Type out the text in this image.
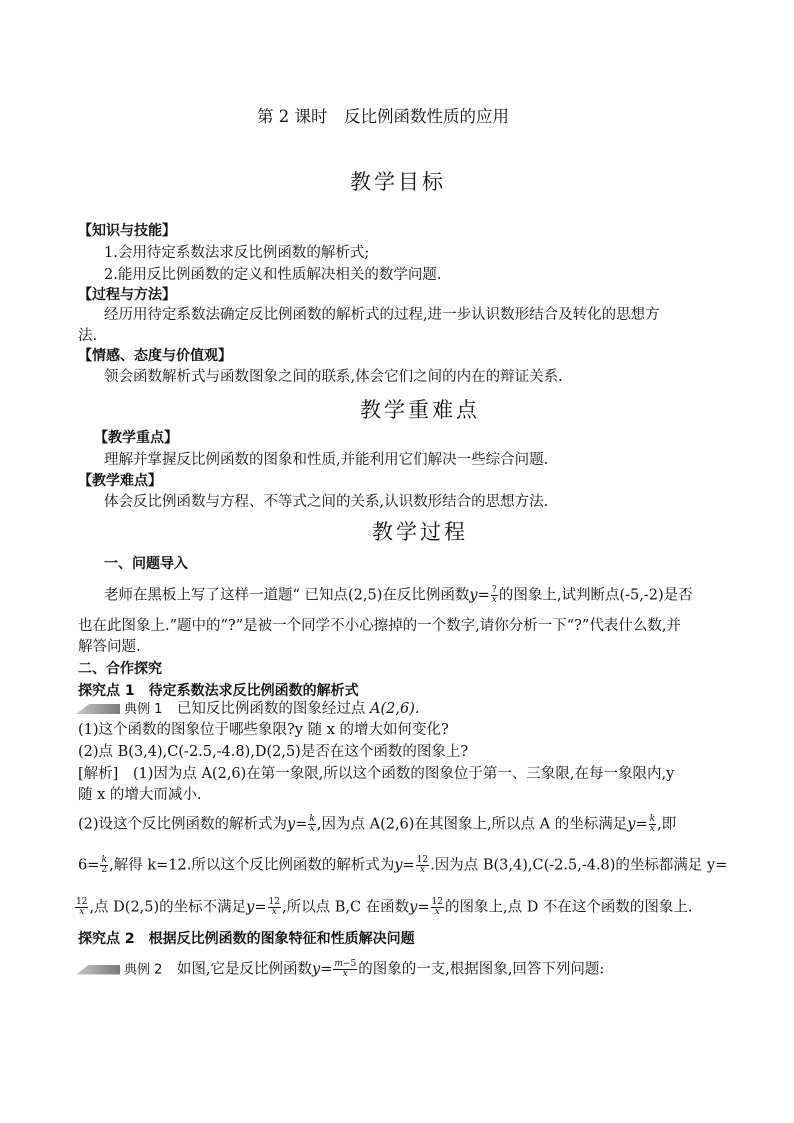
第 2 课时　反比例函数性质的应用
教学目标
【知识与技能】
1.会用待定系数法求反比例函数的解析式;
2.能用反比例函数的定义和性质解决相关的数学问题.
【过程与方法】
经历用待定系数法确定反比例函数的解析式的过程,进一步认识数形结合及转化的思想方
法.
【情感、态度与价值观】
领会函数解析式与函数图象之间的联系,体会它们之间的内在的辩证关系.
教学重难点
【教学重点】
理解并掌握反比例函数的图象和性质,并能利用它们解决一些综合问题.
【教学难点】
体会反比例函数与方程、不等式之间的关系,认识数形结合的思想方法.
教学过程
一、问题导入
老师在黑板上写了这样一道题“ 已知点(2,5)在反比例函数$y= \frac{?}{x}$ 的图象上,试判断点(-5,-2)是否
也在此图象上.”题中的“?”是被一个同学不小心擦掉的一个数字,请你分析一下“?”代表什么数,并
解答问题.
二、合作探究
探究点 1　待定系数法求反比例函数的解析式
典例 1　 已知反比例函数的图象经过点 A(2,6).
(1)这个函数的图象位于哪些象限?y 随 x 的增大如何变化?
(2)点 B(3,4),C(-2.5,-4.8),D(2,5)是否在这个函数的图象上?
[解析]　(1)因为点 A(2,6)在第一象限,所以这个函数的图象位于第一、三象限,在每一象限内,y
随 x 的增大而减小.
(2)设这个反比例函数的解析式为$y= \frac{k}{x}$ ,因为点 A(2,6)在其图象上,所以点 A 的坐标满足$y= \frac{k}{x}$ ,即
$6= \frac{k}{2}$ ,解得 k=12.所以这个反比例函数的解析式为$y= \frac{12}{x}$ .因为点 B(3,4),C(-2.5,-4.8)的坐标都满足 y=
$\frac{12}{x}$ ,点 D(2,5)的坐标不满足$y= \frac{12}{x}$ ,所以点 B,C 在函数$y= \frac{12}{x}$ 的图象上,点 D 不在这个函数的图象上.
探究点 2　根据反比例函数的图象特征和性质解决问题
典例 2　 如图,它是反比例函数$y= \frac{m-5}{x}$ 的图象的一支,根据图象,回答下列问题:
